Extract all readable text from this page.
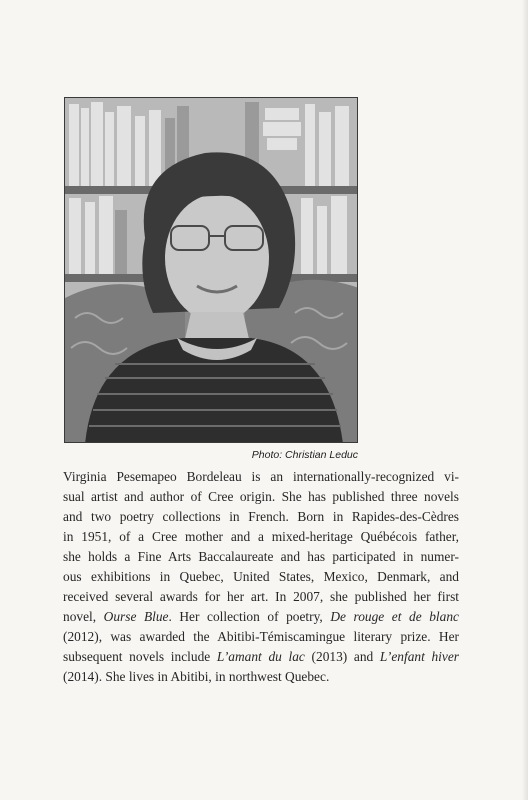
Photo: Christian Leduc
Virginia Pesemapeo Bordeleau is an internationally-recognized vi-
sual artist and author of Cree origin. She has published three novels
and two poetry collections in French. Born in Rapides-des-Cèdres
in 1951, of a Cree mother and a mixed-heritage Québécois father,
she holds a Fine Arts Baccalaureate and has participated in numer-
ous exhibitions in Quebec, United States, Mexico, Denmark, and
received several awards for her art. In 2007, she published her first
novel, Ourse Blue. Her collection of poetry, De rouge et de blanc
(2012), was awarded the Abitibi-Témiscamingue literary prize. Her
subsequent novels include L’amant du lac (2013) and L’enfant hiver
(2014). She lives in Abitibi, in northwest Quebec.
